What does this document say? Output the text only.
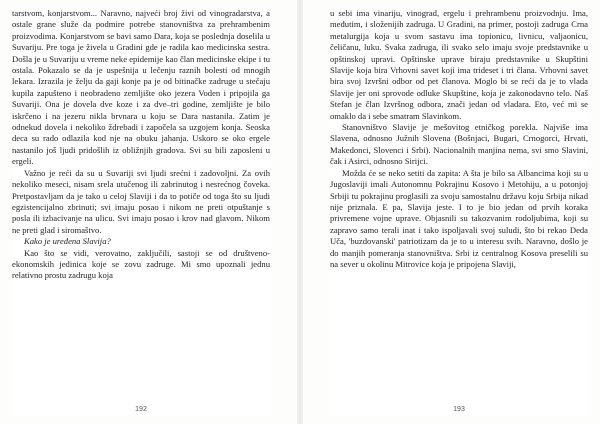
tarstvom, konjarstvom... Naravno, najveći broj živi od vinogradarstva, a ostale grane služe da podmire potrebe stanovništva za prehrambenim proizvodima. Konjarstvom se bavi samo Dara, koja se poslednja doselila u Suvariju. Pre toga je živela u Gradini gde je radila kao medicinska sestra. Došla je u Suvariju u vreme neke epidemije kao član medicinske ekipe i tu ostala. Pokazalo se da je uspešnija u lečenju raznih bolesti od mnogih lekara. Izrazila je želju da gaji konje pa je od bitinačke zadruge u stečaju kupila zapušteno i neobradeno zemljište oko jezera Voden i pripojila ga Suvariji. Ona je dovela dve koze i za dve–tri godine, zemljište je bilo iskrčeno i na jezeru nikla brvnara u koju se Dara nastanila. Zatim je odnekud dovela i nekoliko ždrebadi i započela sa uzgojem konja. Seoska deca su rado odlazila kod nje na obuku jahanja. Uskoro se oko ergele nastanilo još ljudi pridošlih iz obližnjih gradova. Svi su bili zaposleni u ergeli.

Važno je reći da su u Suvariji svi ljudi srećni i zadovoljni. Za ovih nekoliko meseci, nisam srela utučenog ili zabrinutog i nesrećnog čoveka. Pretpostavljam da je tako u celoj Slaviji i da to potiče od toga što su ljudi egzistencijalno zbrinuti; svi imaju posao i nikom ne preti otpuštanje s posla ili izbacivanje na ulicu. Svi imaju posao i krov nad glavom. Nikom ne preti glad i siromaštvo.

Kako je uređena Slavija?

Kao što se vidi, verovatno, zaključili, sastoji se od društveno-ekonomskih jedinica koje se zovu zadruge. Mi smo upoznali jednu relativno prostu zadrugu koja

192

u sebi ima vinariju, vinograd, ergelu i prehrambenu proizvodnju. Ima, međutim, i složenijih zadruga. U Gradini, na primer, postoji zadruga Crna metalurgija koja u svom sastavu ima topionicu, livnicu, valjaonicu, čeličanu, luku. Svaka zadruga, ili svako selo imaju svoje predstavnike u opštinskoj upravi. Opštinske uprave biraju predstavnike u Skupštini Slavije koja bira Vrhovni savet koji ima trideset i tri člana. Vrhovni savet bira svoj Izvršni odbor od pet članova. Moglo bi se reći da je to vlada Slavije jer oni sprovode odluke Skupštine, koja je zakonodavno telo. Naš Stefan je član Izvršnog odbora, znači jedan od vladara. Eto, već mi se omaklo da i sebe smatram Slavinkom.

Stanovništvo Slavije je mešovitog etničkog porekla. Najviše ima Slavena, odnosno Južnih Slovena (Bošnjaci, Bugari, Crnogorci, Hrvati, Makedonci, Slovenci i Srbi). Nacionalnih manjina nema, svi smo Slavini, čak i Asirci, odnosno Sirijci.

Možda će se neko setiti da zapita: A šta je bilo sa Albancima koji su u Jugoslaviji imali Autonomnu Pokrajinu Kosovo i Metohiju, a u potonjoj Srbiji tu pokrajinu proglasili za svoju samostalnu državu koju Srbija nikad nije priznala. E pa, Slavija jeste. I to je bio jedan od prvih koraka privremene vojne uprave. Objasnili su takozvanim rodoljubima, koji su zapravo samo terali inat i tako ispoljavali svoj suludi, što bi rekao Deda Uča, 'buzdovanski' patriotizam da je to u interesu svih. Naravno, došlo je do manjih pomeranja stanovništva. Srbi iz centralnog Kosova preselili su na sever u okolinu Mitrovice koja je pripojena Slaviji,

193
